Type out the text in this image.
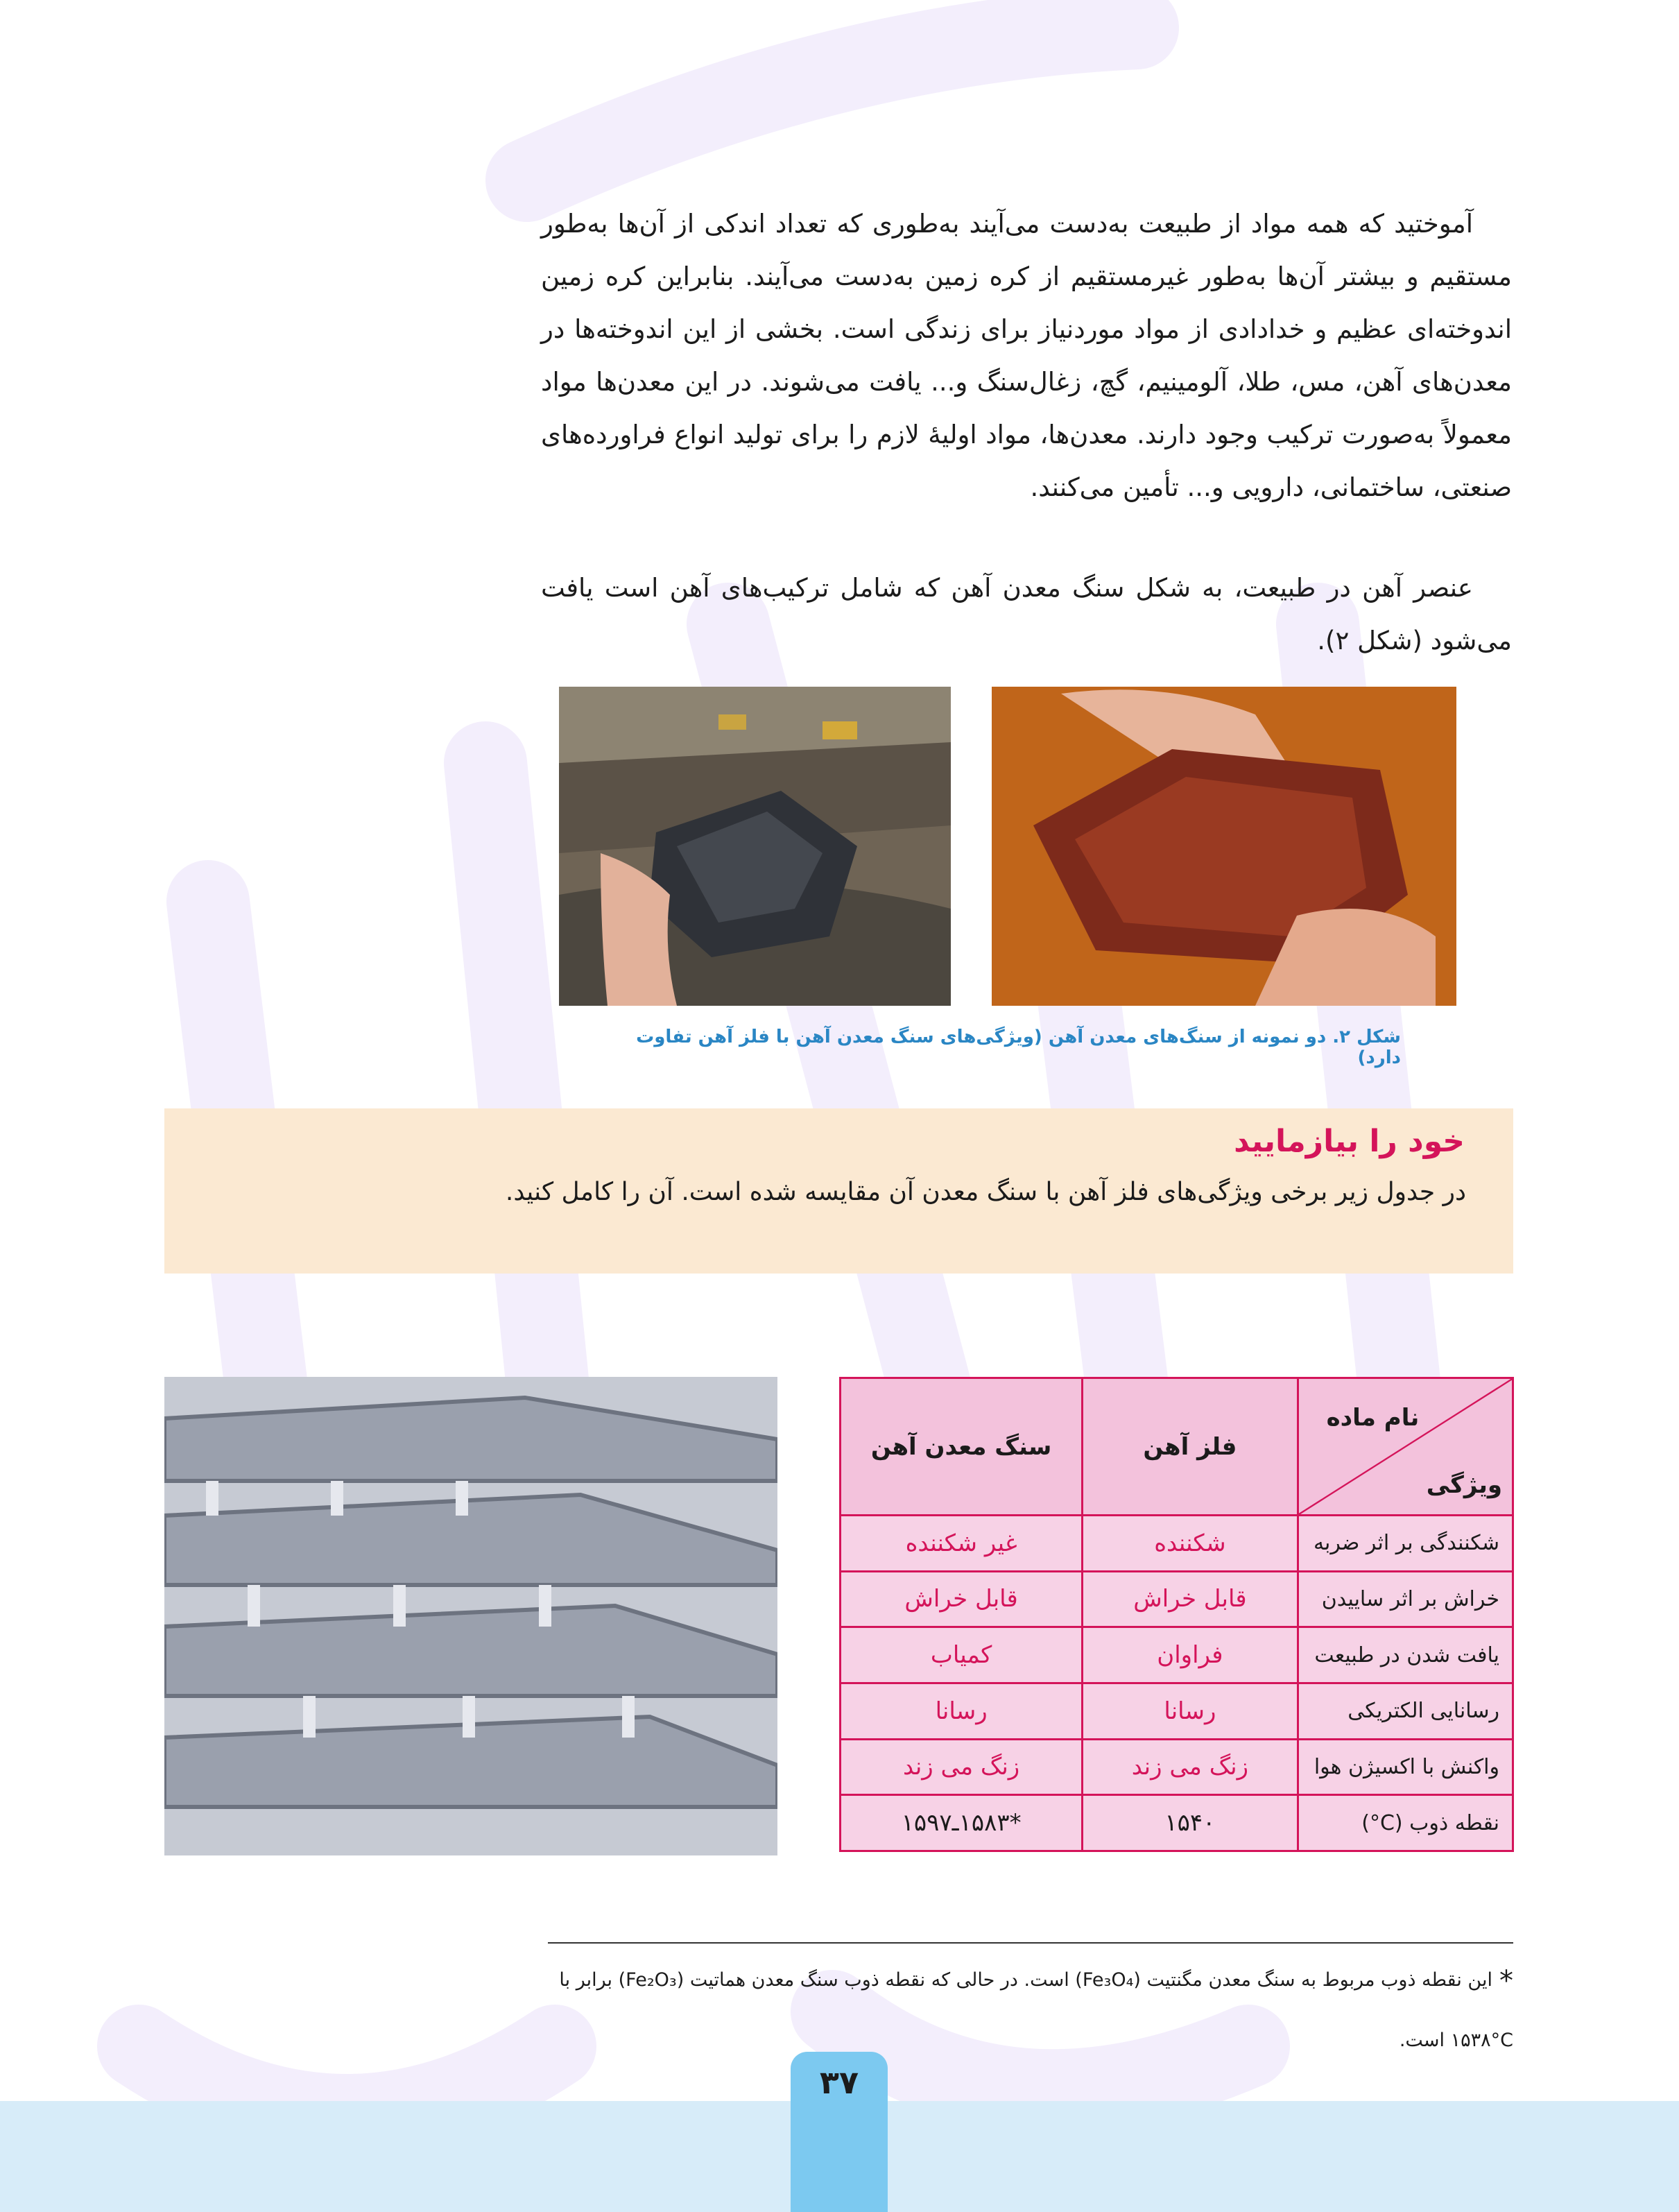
آموختید که همه مواد از طبیعت به‌دست می‌آیند به‌طوری که تعداد اندکی از آن‌ها به‌طور مستقیم و بیشتر آن‌ها به‌طور غیرمستقیم از کره زمین به‌دست می‌آیند. بنابراین کره زمین اندوخته‌ای عظیم و خدادادی از مواد موردنیاز برای زندگی است. بخشی از این اندوخته‌ها در معدن‌های آهن، مس، طلا، آلومینیم، گچ، زغال‌سنگ و... یافت می‌شوند. در این معدن‌ها مواد معمولاً به‌صورت ترکیب وجود دارند. معدن‌ها، مواد اولیهٔ لازم را برای تولید انواع فراورده‌های صنعتی، ساختمانی، دارویی و... تأمین می‌کنند.
عنصر آهن در طبیعت، به شکل سنگ معدن آهن که شامل ترکیب‌های آهن است یافت می‌شود (شکل ۲).
شکل ۲. دو نمونه از سنگ‌های معدن آهن (ویژگی‌های سنگ معدن آهن با فلز آهن تفاوت دارد)
خود را بیازمایید
در جدول زیر برخی ویژگی‌های فلز آهن با سنگ معدن آن مقایسه شده است. آن را کامل کنید.
نام ماده
ویژگی	فلز آهن	سنگ معدن آهن
شکنندگی بر اثر ضربه	شکننده	غیر شکننده
خراش بر اثر ساییدن	قابل خراش	قابل خراش
یافت شدن در طبیعت	فراوان	کمیاب
رسانایی الکتریکی	رسانا	رسانا
واکنش با اکسیژن هوا	زنگ می زند	زنگ می زند
نقطه ذوب (C°)	۱۵۴۰	*۱۵۸۳ـ۱۵۹۷
*این نقطه ذوب مربوط به سنگ معدن مگنتیت (Fe₃O₄) است. در حالی که نقطه ذوب سنگ معدن هماتیت (Fe₂O₃) برابر با
۱۵۳۸°C است.
۳۷
